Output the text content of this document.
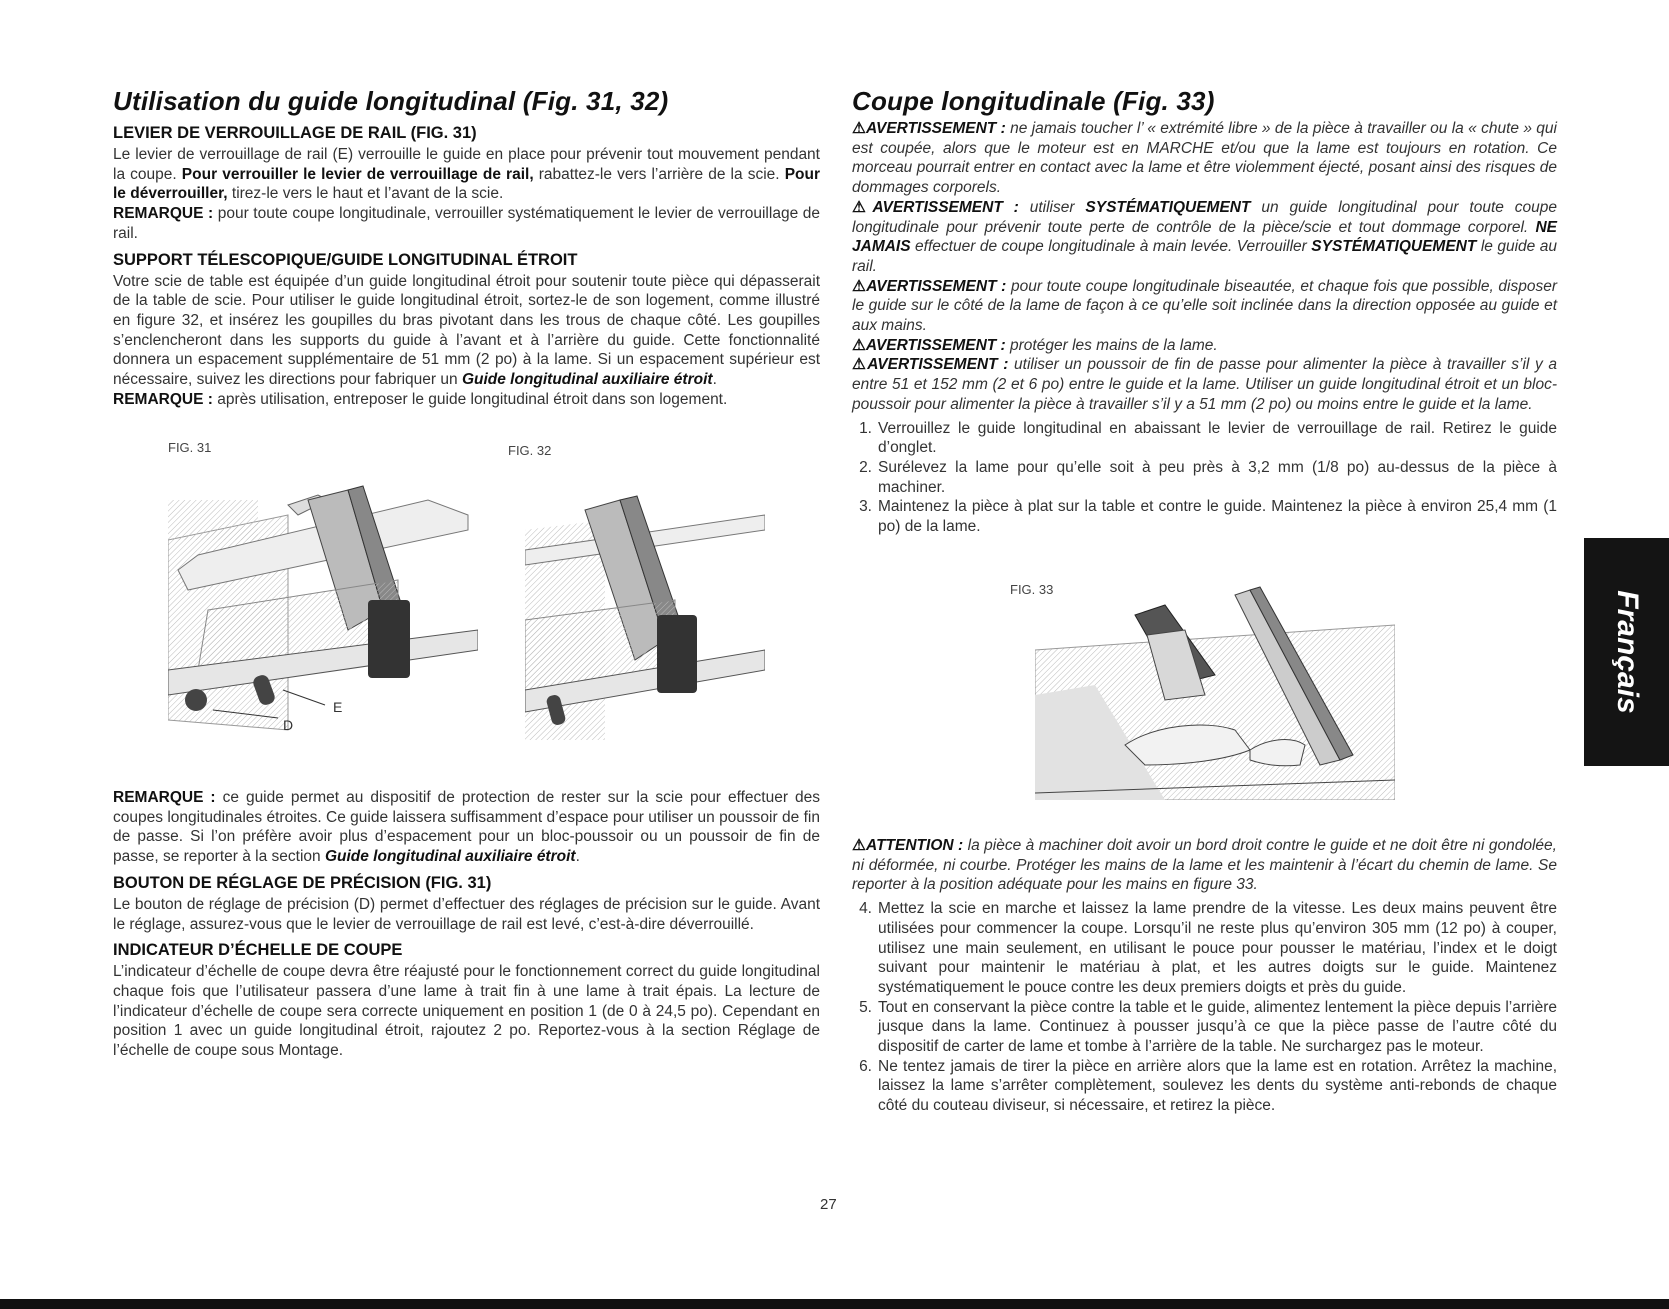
Utilisation du guide longitudinal (Fig. 31, 32)
LEVIER DE VERROUILLAGE DE RAIL (FIG. 31)

Le levier de verrouillage de rail (E) verrouille le guide en place pour prévenir tout mouvement pendant la coupe. Pour verrouiller le levier de verrouillage de rail, rabattez-le vers l’arrière de la scie. Pour le déverrouiller, tirez-le vers le haut et l’avant de la scie.

REMARQUE : pour toute coupe longitudinale, verrouiller systématiquement le levier de verrouillage de rail.

SUPPORT TÉLESCOPIQUE/GUIDE LONGITUDINAL ÉTROIT

Votre scie de table est équipée d’un guide longitudinal étroit pour soutenir toute pièce qui dépasserait de la table de scie. Pour utiliser le guide longitudinal étroit, sortez-le de son logement, comme illustré en figure 32, et insérez les goupilles du bras pivotant dans les trous de chaque côté. Les goupilles s’enclencheront dans les supports du guide à l’avant et à l’arrière du guide. Cette fonctionnalité donnera un espacement supplémentaire de 51 mm (2 po) à la lame. Si un espacement supérieur est nécessaire, suivez les directions pour fabriquer un Guide longitudinal auxiliaire étroit.

REMARQUE : après utilisation, entreposer le guide longitudinal étroit dans son logement.

FIG. 31	FIG. 32
E
D

REMARQUE : ce guide permet au dispositif de protection de rester sur la scie pour effectuer des coupes longitudinales étroites. Ce guide laissera suffisamment d’espace pour utiliser un poussoir de fin de passe. Si l’on préfère avoir plus d’espacement pour un bloc-poussoir ou un poussoir de fin de passe, se reporter à la section Guide longitudinal auxiliaire étroit.

BOUTON DE RÉGLAGE DE PRÉCISION (FIG. 31)

Le bouton de réglage de précision (D) permet d’effectuer des réglages de précision sur le guide. Avant le réglage, assurez-vous que le levier de verrouillage de rail est levé, c’est-à-dire déverrouillé.

INDICATEUR D’ÉCHELLE DE COUPE

L’indicateur d’échelle de coupe devra être réajusté pour le fonctionnement correct du guide longitudinal chaque fois que l’utilisateur passera d’une lame à trait fin à une lame à trait épais. La lecture de l’indicateur d’échelle de coupe sera correcte uniquement en position 1 (de 0 à 24,5 po). Cependant en position 1 avec un guide longitudinal étroit, rajoutez 2 po. Reportez-vous à la section Réglage de l’échelle de coupe sous Montage.

Coupe longitudinale (Fig. 33)

⚠AVERTISSEMENT : ne jamais toucher l’ « extrémité libre » de la pièce à travailler ou la « chute » qui est coupée, alors que le moteur est en MARCHE et/ou que la lame est toujours en rotation. Ce morceau pourrait entrer en contact avec la lame et être violemment éjecté, posant ainsi des risques de dommages corporels.

⚠AVERTISSEMENT : utiliser SYSTÉMATIQUEMENT un guide longitudinal pour toute coupe longitudinale pour prévenir toute perte de contrôle de la pièce/scie et tout dommage corporel. NE JAMAIS effectuer de coupe longitudinale à main levée. Verrouiller SYSTÉMATIQUEMENT le guide au rail.

⚠AVERTISSEMENT : pour toute coupe longitudinale biseautée, et chaque fois que possible, disposer le guide sur le côté de la lame de façon à ce qu’elle soit inclinée dans la direction opposée au guide et aux mains.

⚠AVERTISSEMENT : protéger les mains de la lame.

⚠AVERTISSEMENT : utiliser un poussoir de fin de passe pour alimenter la pièce à travailler s’il y a entre 51 et 152 mm (2 et 6 po) entre le guide et la lame. Utiliser un guide longitudinal étroit et un bloc-poussoir pour alimenter la pièce à travailler s’il y a 51 mm (2 po) ou moins entre le guide et la lame.

1. Verrouillez le guide longitudinal en abaissant le levier de verrouillage de rail. Retirez le guide d’onglet.
2. Surélevez la lame pour qu’elle soit à peu près à 3,2 mm (1/8 po) au-dessus de la pièce à machiner.
3. Maintenez la pièce à plat sur la table et contre le guide. Maintenez la pièce à environ 25,4 mm (1 po) de la lame.
FIG. 33

⚠ATTENTION : la pièce à machiner doit avoir un bord droit contre le guide et ne doit être ni gondolée, ni déformée, ni courbe. Protéger les mains de la lame et les maintenir à l’écart du chemin de lame. Se reporter à la position adéquate pour les mains en figure 33.

4. Mettez la scie en marche et laissez la lame prendre de la vitesse. Les deux mains peuvent être utilisées pour commencer la coupe. Lorsqu’il ne reste plus qu’environ 305 mm (12 po) à couper, utilisez une main seulement, en utilisant le pouce pour pousser le matériau, l’index et le doigt suivant pour maintenir le matériau à plat, et les autres doigts sur le guide. Maintenez systématiquement le pouce contre les deux premiers doigts et près du guide.
5. Tout en conservant la pièce contre la table et le guide, alimentez lentement la pièce depuis l’arrière jusque dans la lame. Continuez à pousser jusqu’à ce que la pièce passe de l’autre côté du dispositif de carter de lame et tombe à l’arrière de la table. Ne surchargez pas le moteur.
6. Ne tentez jamais de tirer la pièce en arrière alors que la lame est en rotation. Arrêtez la machine, laissez la lame s’arrêter complètement, soulevez les dents du système anti-rebonds de chaque côté du couteau diviseur, si nécessaire, et retirez la pièce.
Français
27
